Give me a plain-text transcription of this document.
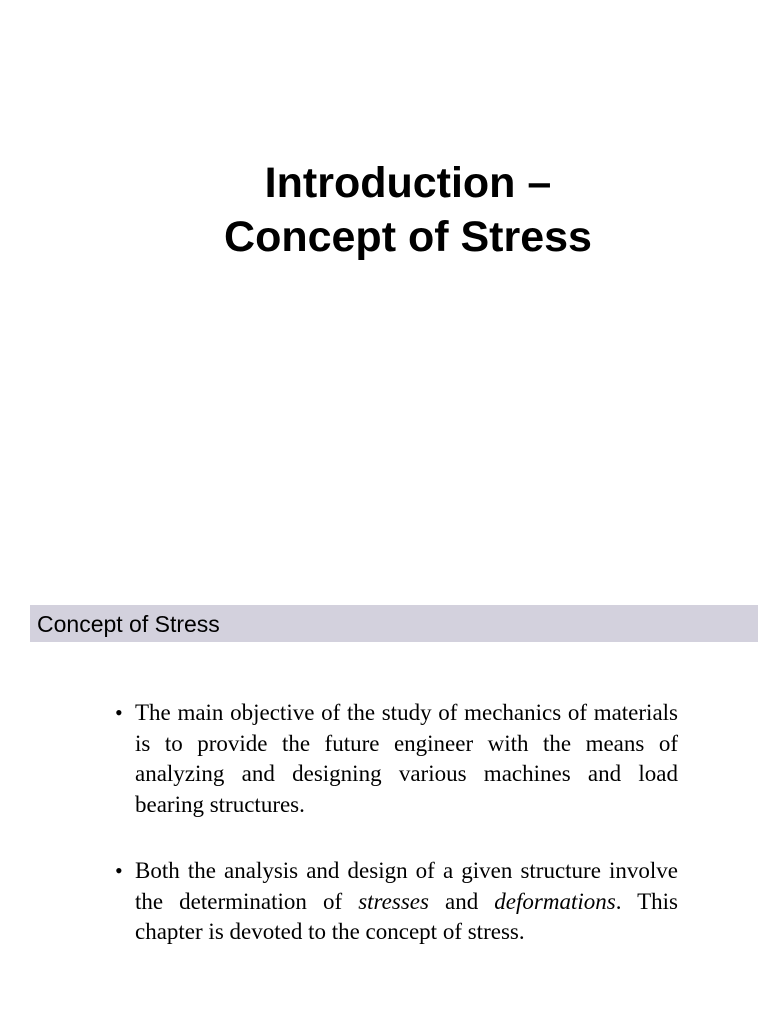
Introduction –
Concept of Stress
Concept of Stress
• The main objective of the study of mechanics of materials is to provide the future engineer with the means of analyzing and designing various machines and load bearing structures.
• Both the analysis and design of a given structure involve the determination of stresses and deformations. This chapter is devoted to the concept of stress.
